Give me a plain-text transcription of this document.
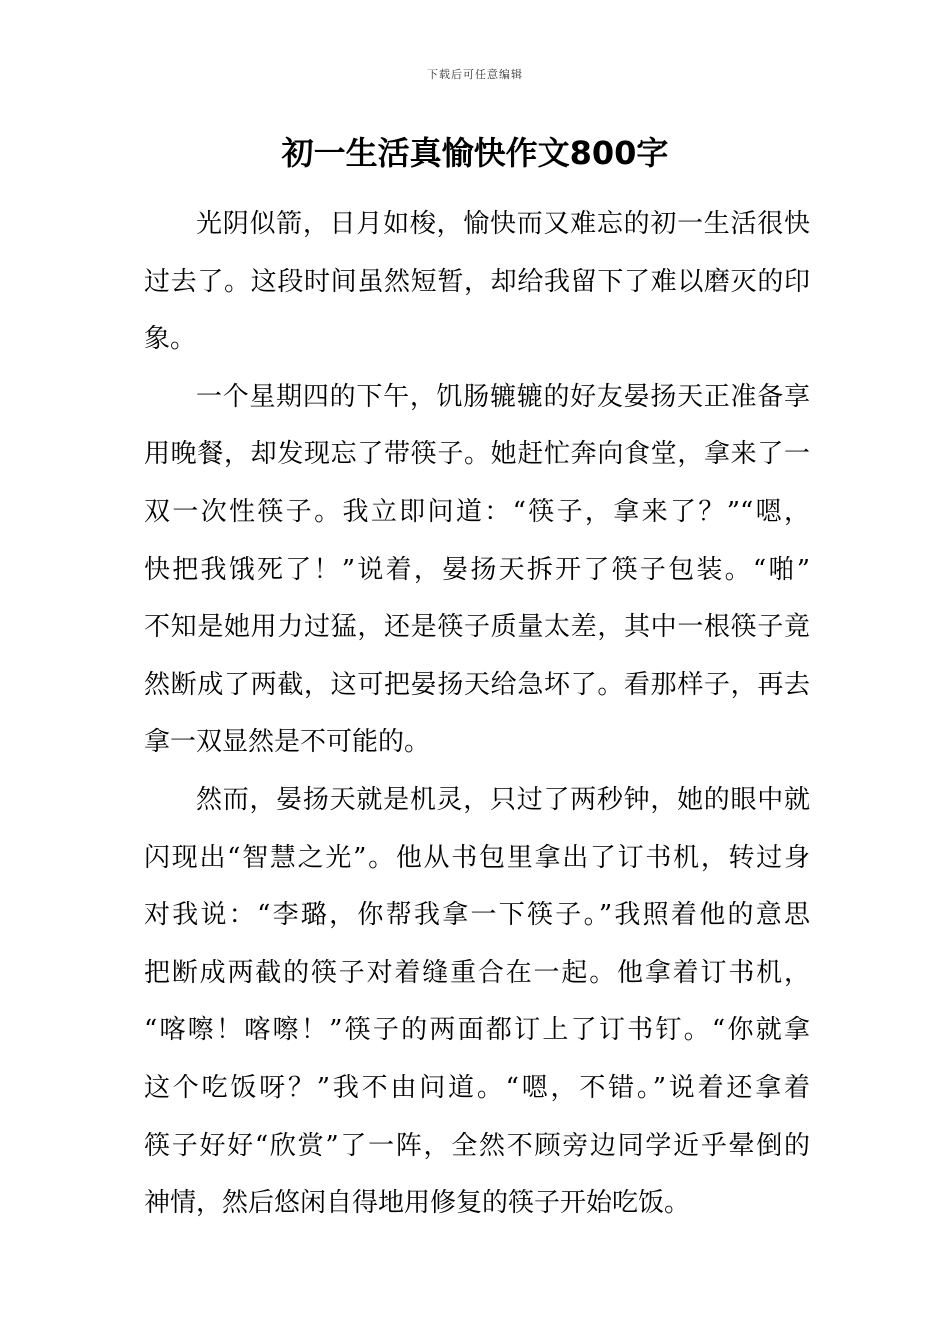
下载后可任意编辑
初一生活真愉快作文800字
光阴似箭，日月如梭，愉快而又难忘的初一生活很快
过去了。这段时间虽然短暂，却给我留下了难以磨灭的印
象。
一个星期四的下午，饥肠辘辘的好友晏扬天正准备享
用晚餐，却发现忘了带筷子。她赶忙奔向食堂，拿来了一
双一次性筷子。我立即问道：“筷子，拿来了？”“嗯，
快把我饿死了！”说着，晏扬天拆开了筷子包装。“啪”
不知是她用力过猛，还是筷子质量太差，其中一根筷子竟
然断成了两截，这可把晏扬天给急坏了。看那样子，再去
拿一双显然是不可能的。
然而，晏扬天就是机灵，只过了两秒钟，她的眼中就
闪现出“智慧之光”。他从书包里拿出了订书机，转过身
对我说：“李璐，你帮我拿一下筷子。”我照着他的意思
把断成两截的筷子对着缝重合在一起。他拿着订书机，
“喀嚓！喀嚓！”筷子的两面都订上了订书钉。“你就拿
这个吃饭呀？”我不由问道。“嗯，不错。”说着还拿着
筷子好好“欣赏”了一阵，全然不顾旁边同学近乎晕倒的
神情，然后悠闲自得地用修复的筷子开始吃饭。
